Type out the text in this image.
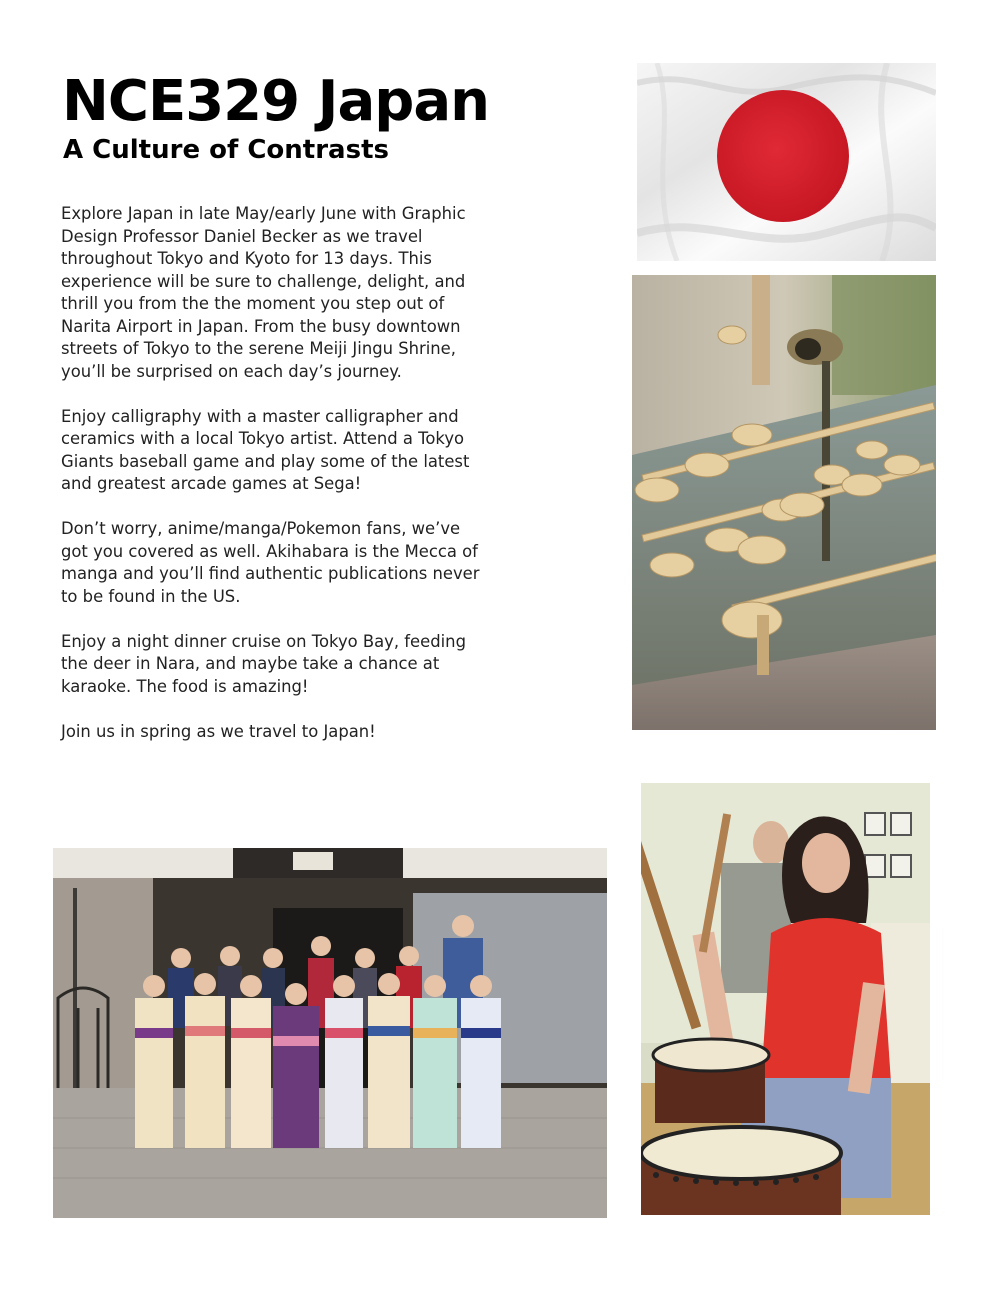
NCE329 Japan
A Culture of Contrasts

Explore Japan in late May/early June with Graphic Design Professor Daniel Becker as we travel throughout Tokyo and Kyoto for 13 days. This experience will be sure to challenge, delight, and thrill you from the the moment you step out of Narita Airport in Japan. From the busy downtown streets of Tokyo to the serene Meiji Jingu Shrine, you’ll be surprised on each day’s journey.

Enjoy calligraphy with a master calligrapher and ceramics with a local Tokyo artist. Attend a Tokyo Giants baseball game and play some of the latest and greatest arcade games at Sega!

Don’t worry, anime/manga/Pokemon fans, we’ve got you covered as well. Akihabara is the Mecca of manga and you’ll find authentic publications never to be found in the US.

Enjoy a night dinner cruise on Tokyo Bay, feeding the deer in Nara, and maybe take a chance at karaoke. The food is amazing!

Join us in spring as we travel to Japan!
